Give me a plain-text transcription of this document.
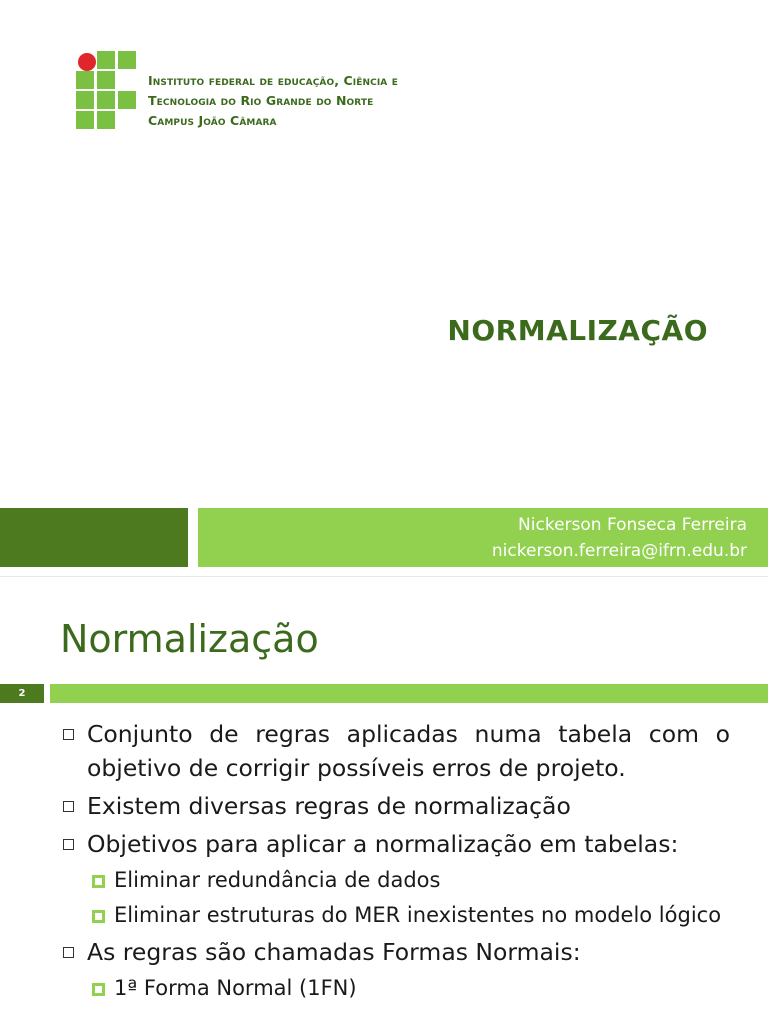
Instituto federal de educação, Ciência e
Tecnologia do Rio Grande do Norte
Campus João Câmara
NORMALIZAÇÃO
Nickerson Fonseca Ferreira
nickerson.ferreira@ifrn.edu.br
Normalização
2
Conjunto de regras aplicadas numa tabela com o objetivo de corrigir possíveis erros de projeto.
Existem diversas regras de normalização
Objetivos para aplicar a normalização em tabelas:
Eliminar redundância de dados
Eliminar estruturas do MER inexistentes no modelo lógico
As regras são chamadas Formas Normais:
1ª Forma Normal (1FN)
